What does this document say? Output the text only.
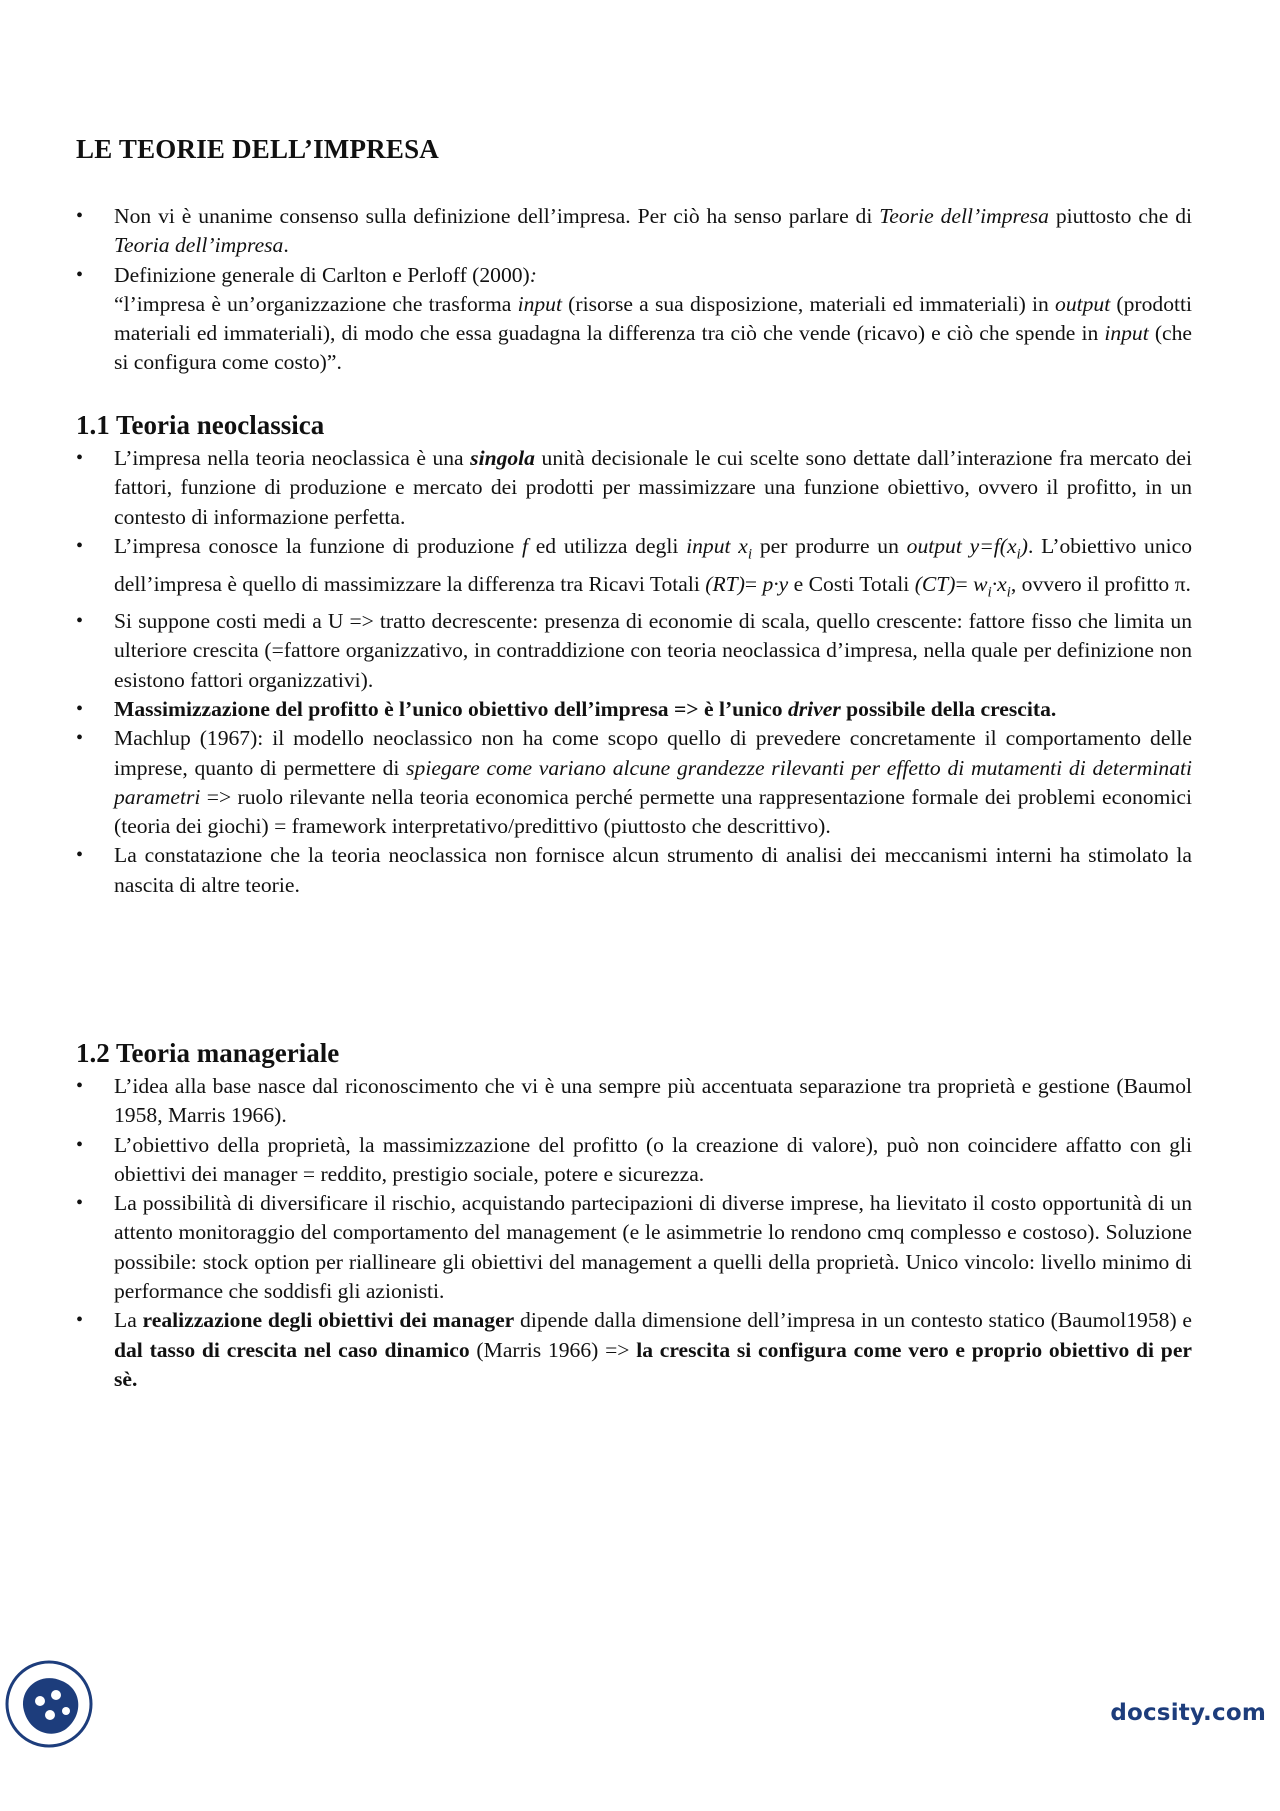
LE TEORIE DELL’IMPRESA
•	Non vi è unanime consenso sulla definizione dell’impresa. Per ciò ha senso parlare di Teorie dell’impresa piuttosto che di Teoria dell’impresa.
•	Definizione generale di Carlton e Perloff (2000):
“l’impresa è un’organizzazione che trasforma input (risorse a sua disposizione, materiali ed immateriali) in output (prodotti materiali ed immateriali), di modo che essa guadagna la differenza tra ciò che vende (ricavo) e ciò che spende in input (che si configura come costo)”.
1.1 Teoria neoclassica
•	L’impresa nella teoria neoclassica è una singola unità decisionale le cui scelte sono dettate dall’interazione fra mercato dei fattori, funzione di produzione e mercato dei prodotti per massimizzare una funzione obiettivo, ovvero il profitto, in un contesto di informazione perfetta.
•	L’impresa conosce la funzione di produzione f ed utilizza degli input $x_i$ per produrre un output $y=f(x_i)$. L’obiettivo unico dell’impresa è quello di massimizzare la differenza tra Ricavi Totali (RT)= p·y e Costi Totali $(CT)= w_i\cdot x_i$, ovvero il profitto π.
•	Si suppone costi medi a U => tratto decrescente: presenza di economie di scala, quello crescente: fattore fisso che limita un ulteriore crescita (=fattore organizzativo, in contraddizione con teoria neoclassica d’impresa, nella quale per definizione non esistono fattori organizzativi).
•	Massimizzazione del profitto è l’unico obiettivo dell’impresa => è l’unico driver possibile della crescita.
•	Machlup (1967): il modello neoclassico non ha come scopo quello di prevedere concretamente il comportamento delle imprese, quanto di permettere di spiegare come variano alcune grandezze rilevanti per effetto di mutamenti di determinati parametri => ruolo rilevante nella teoria economica perché permette una rappresentazione formale dei problemi economici (teoria dei giochi) = framework interpretativo/predittivo (piuttosto che descrittivo).
•	La constatazione che la teoria neoclassica non fornisce alcun strumento di analisi dei meccanismi interni ha stimolato la nascita di altre teorie.
1.2 Teoria manageriale
•	L’idea alla base nasce dal riconoscimento che vi è una sempre più accentuata separazione tra proprietà e gestione (Baumol 1958, Marris 1966).
•	L’obiettivo della proprietà, la massimizzazione del profitto (o la creazione di valore), può non coincidere affatto con gli obiettivi dei manager = reddito, prestigio sociale, potere e sicurezza.
•	La possibilità di diversificare il rischio, acquistando partecipazioni di diverse imprese, ha lievitato il costo opportunità di un attento monitoraggio del comportamento del management (e le asimmetrie lo rendono cmq complesso e costoso). Soluzione possibile: stock option per riallineare gli obiettivi del management a quelli della proprietà. Unico vincolo: livello minimo di performance che soddisfi gli azionisti.
•	La realizzazione degli obiettivi dei manager dipende dalla dimensione dell’impresa in un contesto statico (Baumol1958) e dal tasso di crescita nel caso dinamico (Marris 1966) => la crescita si configura come vero e proprio obiettivo di per sè.
docsity.com
